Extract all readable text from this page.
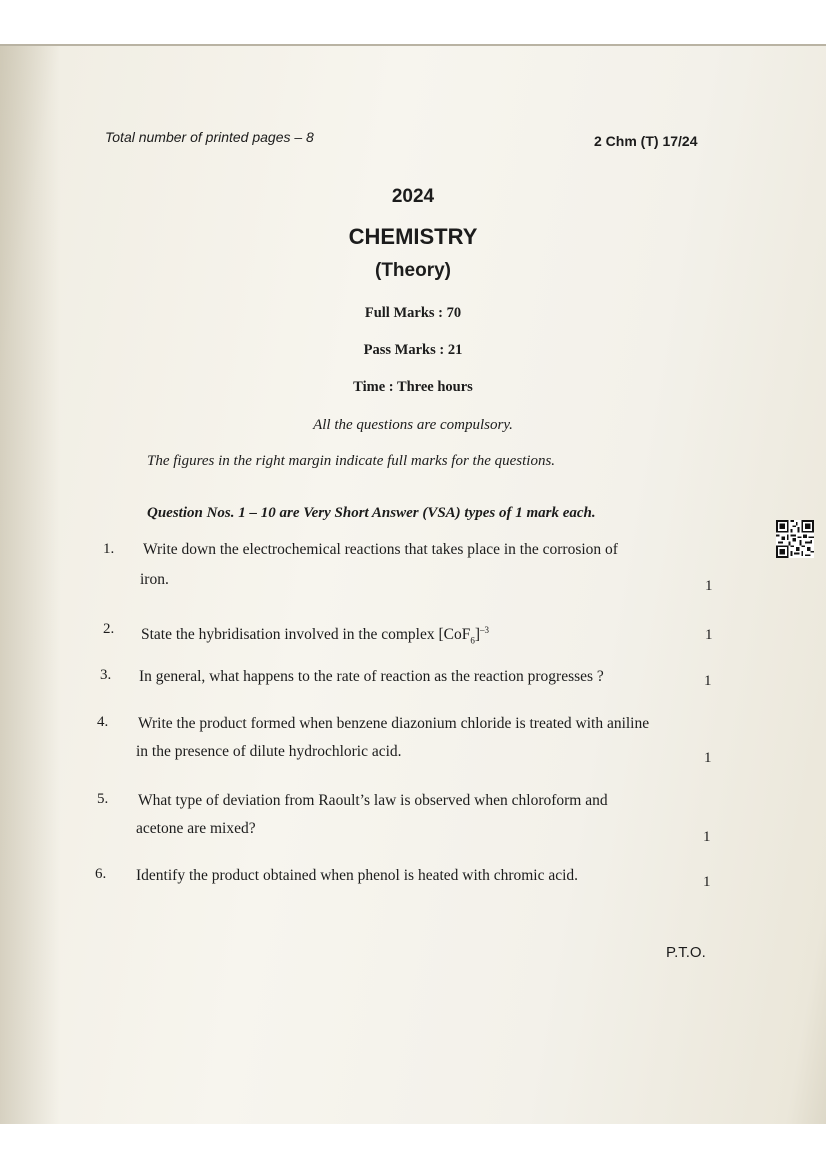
Total number of printed pages – 8	2 Chm (T) 17/24
2024
CHEMISTRY
(Theory)
Full Marks : 70
Pass Marks : 21
Time : Three hours
All the questions are compulsory.
The figures in the right margin indicate full marks for the questions.
Question Nos. 1 – 10 are Very Short Answer (VSA) types of 1 mark each.
1. Write down the electrochemical reactions that takes place in the corrosion of
iron.	1
2. State the hybridisation involved in the complex $[CoF_6]^{-3}$	1
3. In general, what happens to the rate of reaction as the reaction progresses ?	1
4. Write the product formed when benzene diazonium chloride is treated with aniline
in the presence of dilute hydrochloric acid.	1
5. What type of deviation from Raoult’s law is observed when chloroform and
acetone are mixed?	1
6. Identify the product obtained when phenol is heated with chromic acid.	1
P.T.O.
